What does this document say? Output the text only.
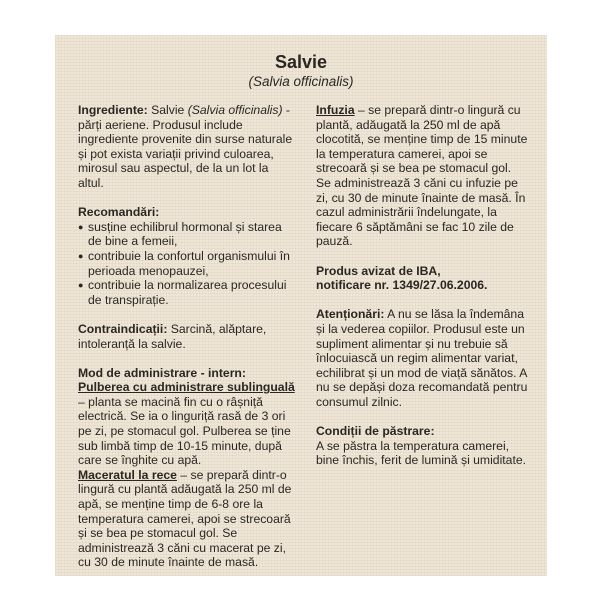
Salvie
(Salvia officinalis)

Ingrediente: Salvie (Salvia officinalis) - părți aeriene. Produsul include ingrediente provenite din surse naturale și pot exista variații privind culoarea, mirosul sau aspectul, de la un lot la altul.

Recomandări:

● susține echilibrul hormonal și starea de bine a femeii,
● contribuie la confortul organismului în perioada menopauzei,
● contribuie la normalizarea procesului de transpirație.

Contraindicații: Sarcină, alăptare, intoleranță la salvie.

Mod de administrare - intern:

Pulberea cu administrare sublinguală – planta se macină fin cu o râșniță electrică. Se ia o linguriță rasă de 3 ori pe zi, pe stomacul gol. Pulberea se ține sub limbă timp de 10-15 minute, după care se înghite cu apă.

Maceratul la rece – se prepară dintr-o lingură cu plantă adăugată la 250 ml de apă, se menține timp de 6-8 ore la temperatura camerei, apoi se strecoară și se bea pe stomacul gol. Se administrează 3 căni cu macerat pe zi, cu 30 de minute înainte de masă.

Infuzia – se prepară dintr-o lingură cu plantă, adăugată la 250 ml de apă clocotită, se menține timp de 15 minute la temperatura camerei, apoi se strecoară și se bea pe stomacul gol. Se administrează 3 căni cu infuzie pe zi, cu 30 de minute înainte de masă. În cazul administrării îndelungate, la fiecare 6 săptămâni se fac 10 zile de pauză.

Produs avizat de IBA,

notificare nr. 1349/27.06.2006.

Atenționări: A nu se lăsa la îndemâna și la vederea copiilor. Produsul este un supliment alimentar și nu trebuie să înlocuiască un regim alimentar variat, echilibrat și un mod de viață sănătos. A nu se depăși doza recomandată pentru consumul zilnic.

Condiții de păstrare:

A se păstra la temperatura camerei, bine închis, ferit de lumină și umiditate.
